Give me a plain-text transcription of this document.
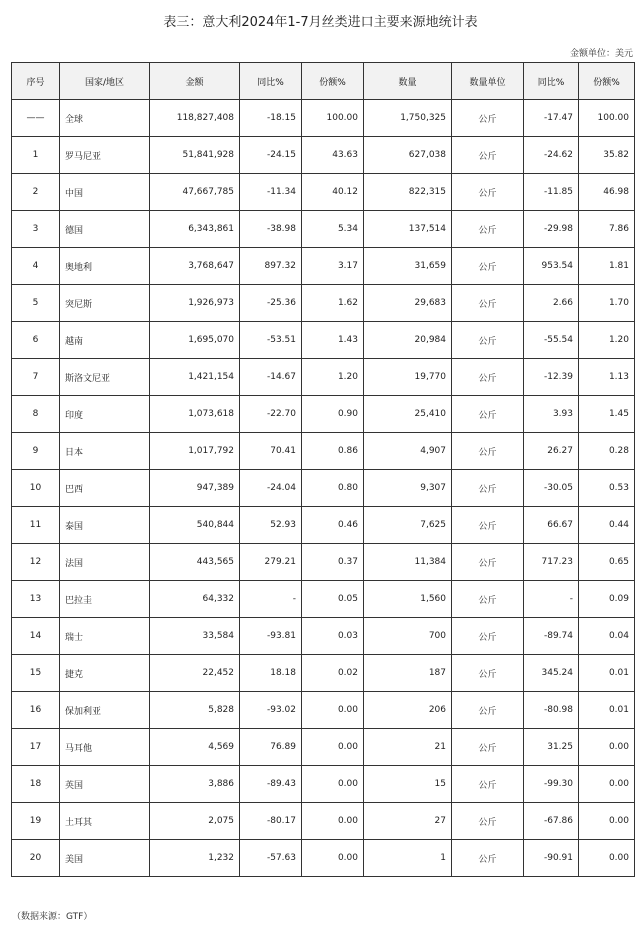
表三：意大利2024年1-7月丝类进口主要来源地统计表
金额单位：美元
序号	国家/地区	金额	同比%	份额%	数量	数量单位	同比%	份额%
——	全球	118,827,408	-18.15	100.00	1,750,325	公斤	-17.47	100.00
1	罗马尼亚	51,841,928	-24.15	43.63	627,038	公斤	-24.62	35.82
2	中国	47,667,785	-11.34	40.12	822,315	公斤	-11.85	46.98
3	德国	6,343,861	-38.98	5.34	137,514	公斤	-29.98	7.86
4	奥地利	3,768,647	897.32	3.17	31,659	公斤	953.54	1.81
5	突尼斯	1,926,973	-25.36	1.62	29,683	公斤	2.66	1.70
6	越南	1,695,070	-53.51	1.43	20,984	公斤	-55.54	1.20
7	斯洛文尼亚	1,421,154	-14.67	1.20	19,770	公斤	-12.39	1.13
8	印度	1,073,618	-22.70	0.90	25,410	公斤	3.93	1.45
9	日本	1,017,792	70.41	0.86	4,907	公斤	26.27	0.28
10	巴西	947,389	-24.04	0.80	9,307	公斤	-30.05	0.53
11	泰国	540,844	52.93	0.46	7,625	公斤	66.67	0.44
12	法国	443,565	279.21	0.37	11,384	公斤	717.23	0.65
13	巴拉圭	64,332	-	0.05	1,560	公斤	-	0.09
14	瑞士	33,584	-93.81	0.03	700	公斤	-89.74	0.04
15	捷克	22,452	18.18	0.02	187	公斤	345.24	0.01
16	保加利亚	5,828	-93.02	0.00	206	公斤	-80.98	0.01
17	马耳他	4,569	76.89	0.00	21	公斤	31.25	0.00
18	英国	3,886	-89.43	0.00	15	公斤	-99.30	0.00
19	土耳其	2,075	-80.17	0.00	27	公斤	-67.86	0.00
20	美国	1,232	-57.63	0.00	1	公斤	-90.91	0.00
（数据来源：GTF）
